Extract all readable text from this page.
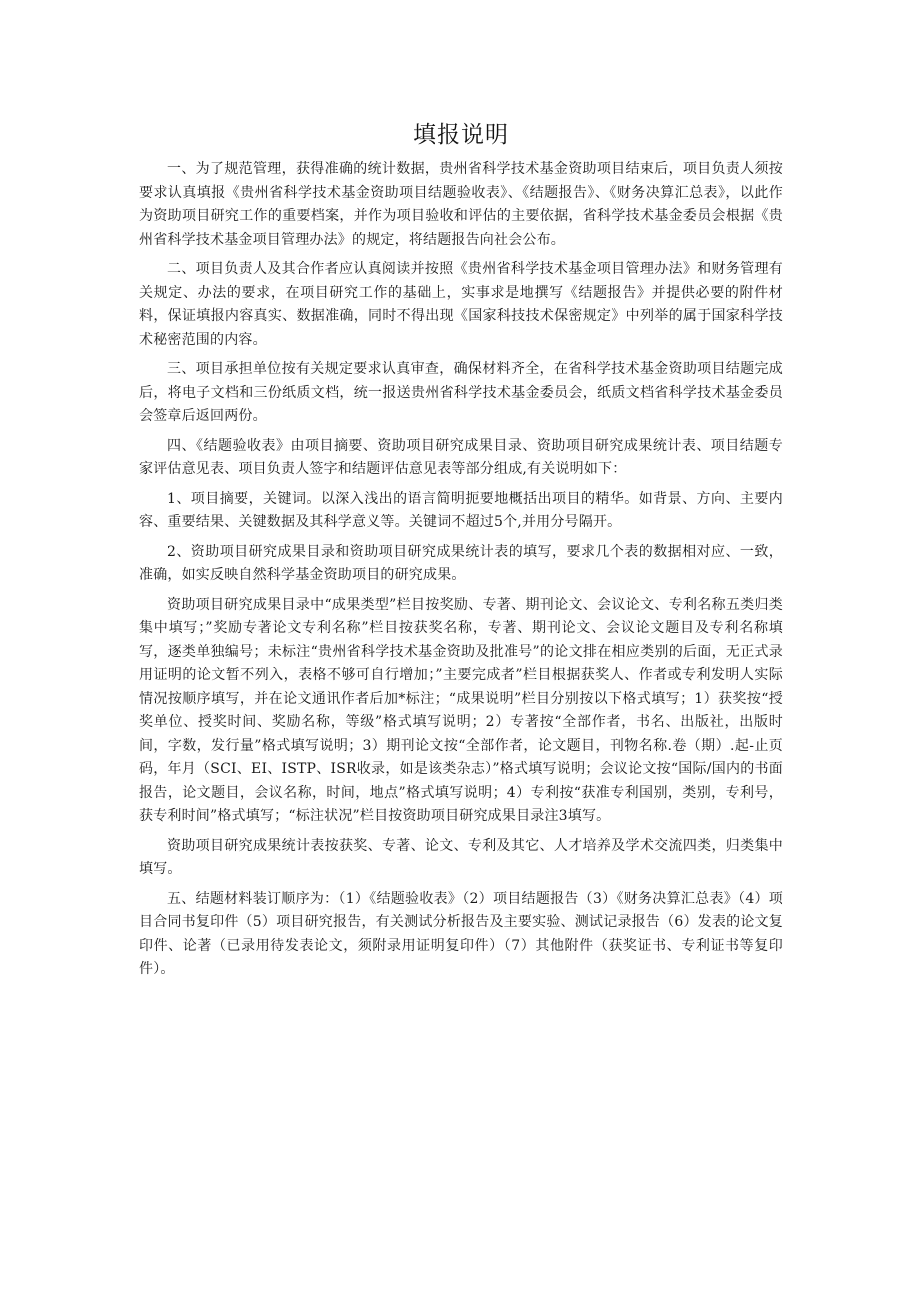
填报说明

一、为了规范管理，获得准确的统计数据，贵州省科学技术基金资助项目结束后，项目负责人须按要求认真填报《贵州省科学技术基金资助项目结题验收表》、《结题报告》、《财务决算汇总表》，以此作为资助项目研究工作的重要档案，并作为项目验收和评估的主要依据，省科学技术基金委员会根据《贵州省科学技术基金项目管理办法》的规定，将结题报告向社会公布。

二、项目负责人及其合作者应认真阅读并按照《贵州省科学技术基金项目管理办法》和财务管理有关规定、办法的要求，在项目研究工作的基础上，实事求是地撰写《结题报告》并提供必要的附件材料，保证填报内容真实、数据准确，同时不得出现《国家科技技术保密规定》中列举的属于国家科学技术秘密范围的内容。

三、项目承担单位按有关规定要求认真审查，确保材料齐全，在省科学技术基金资助项目结题完成后，将电子文档和三份纸质文档，统一报送贵州省科学技术基金委员会，纸质文档省科学技术基金委员会签章后返回两份。

四、《结题验收表》由项目摘要、资助项目研究成果目录、资助项目研究成果统计表、项目结题专家评估意见表、项目负责人签字和结题评估意见表等部分组成,有关说明如下：

1、项目摘要，关键词。以深入浅出的语言简明扼要地概括出项目的精华。如背景、方向、主要内容、重要结果、关键数据及其科学意义等。关键词不超过5个,并用分号隔开。

2、资助项目研究成果目录和资助项目研究成果统计表的填写，要求几个表的数据相对应、一致，准确，如实反映自然科学基金资助项目的研究成果。

资助项目研究成果目录中“成果类型”栏目按奖励、专著、期刊论文、会议论文、专利名称五类归类集中填写；”奖励专著论文专利名称”栏目按获奖名称，专著、期刊论文、会议论文题目及专利名称填写，逐类单独编号；未标注“贵州省科学技术基金资助及批准号”的论文排在相应类别的后面，无正式录用证明的论文暂不列入，表格不够可自行增加；”主要完成者”栏目根据获奖人、作者或专利发明人实际情况按顺序填写，并在论文通讯作者后加*标注；“成果说明”栏目分别按以下格式填写；1）获奖按“授奖单位、授奖时间、奖励名称，等级”格式填写说明；2）专著按“全部作者，书名、出版社，出版时间，字数，发行量”格式填写说明；3）期刊论文按“全部作者，论文题目，刊物名称.卷（期）.起-止页码，年月（SCI、EI、ISTP、ISR收录，如是该类杂志）”格式填写说明；会议论文按“国际/国内的书面报告，论文题目，会议名称，时间，地点”格式填写说明；4）专利按“获准专利国别，类别，专利号，获专利时间”格式填写；“标注状况”栏目按资助项目研究成果目录注3填写。

资助项目研究成果统计表按获奖、专著、论文、专利及其它、人才培养及学术交流四类，归类集中填写。

五、结题材料装订顺序为：（1）《结题验收表》（2）项目结题报告（3）《财务决算汇总表》（4）项目合同书复印件（5）项目研究报告，有关测试分析报告及主要实验、测试记录报告（6）发表的论文复印件、论著（已录用待发表论文，须附录用证明复印件）（7）其他附件（获奖证书、专利证书等复印件）。
